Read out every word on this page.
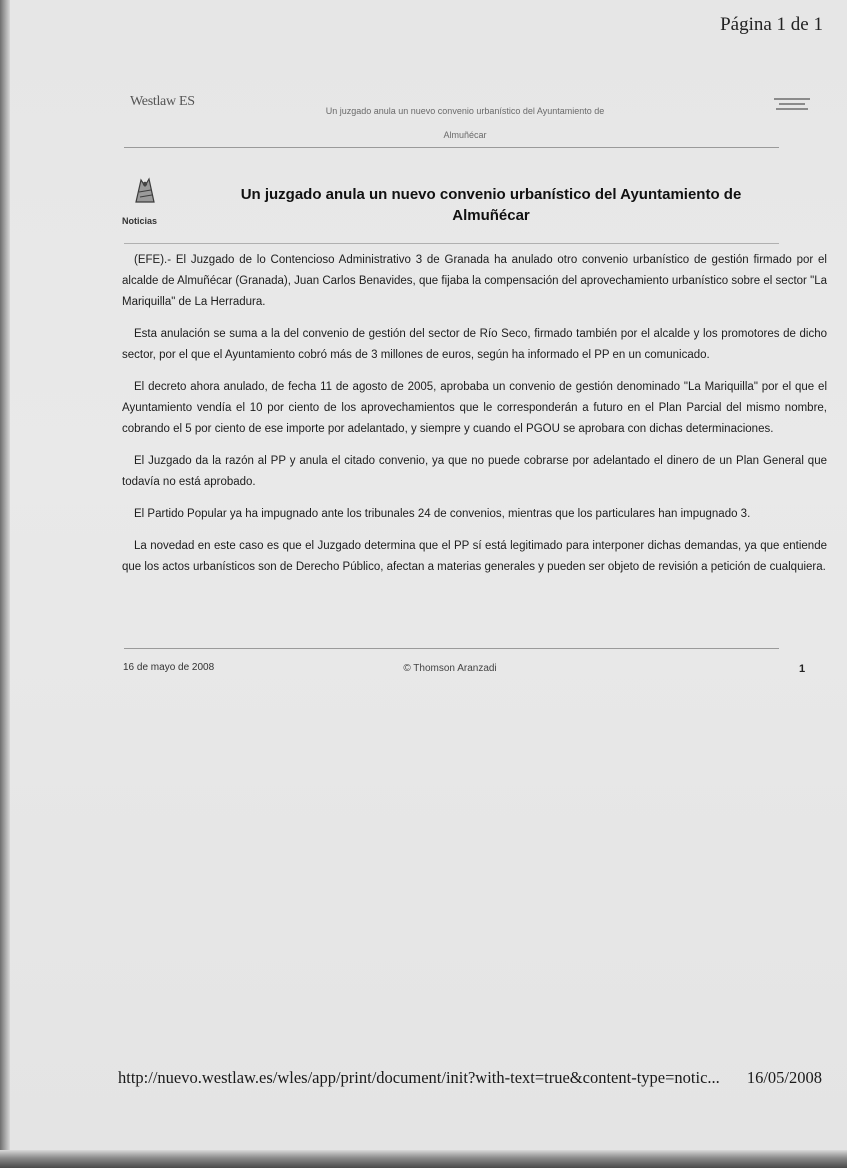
Página 1 de 1
Westlaw ES
Un juzgado anula un nuevo convenio urbanístico del Ayuntamiento de
Almuñécar
Noticias
Un juzgado anula un nuevo convenio urbanístico del Ayuntamiento de
Almuñécar

(EFE).- El Juzgado de lo Contencioso Administrativo 3 de Granada ha anulado otro convenio urbanístico de gestión firmado por el alcalde de Almuñécar (Granada), Juan Carlos Benavides, que fijaba la compensación del aprovechamiento urbanístico sobre el sector "La Mariquilla" de La Herradura.

Esta anulación se suma a la del convenio de gestión del sector de Río Seco, firmado también por el alcalde y los promotores de dicho sector, por el que el Ayuntamiento cobró más de 3 millones de euros, según ha informado el PP en un comunicado.

El decreto ahora anulado, de fecha 11 de agosto de 2005, aprobaba un convenio de gestión denominado "La Mariquilla" por el que el Ayuntamiento vendía el 10 por ciento de los aprovechamientos que le corresponderán a futuro en el Plan Parcial del mismo nombre, cobrando el 5 por ciento de ese importe por adelantado, y siempre y cuando el PGOU se aprobara con dichas determinaciones.

El Juzgado da la razón al PP y anula el citado convenio, ya que no puede cobrarse por adelantado el dinero de un Plan General que todavía no está aprobado.

El Partido Popular ya ha impugnado ante los tribunales 24 de convenios, mientras que los particulares han impugnado 3.

La novedad en este caso es que el Juzgado determina que el PP sí está legitimado para interponer dichas demandas, ya que entiende que los actos urbanísticos son de Derecho Público, afectan a materias generales y pueden ser objeto de revisión a petición de cualquiera.

16 de mayo de 2008	© Thomson Aranzadi	1
http://nuevo.westlaw.es/wles/app/print/document/init?with-text=true&content-type=notic... 16/05/2008
